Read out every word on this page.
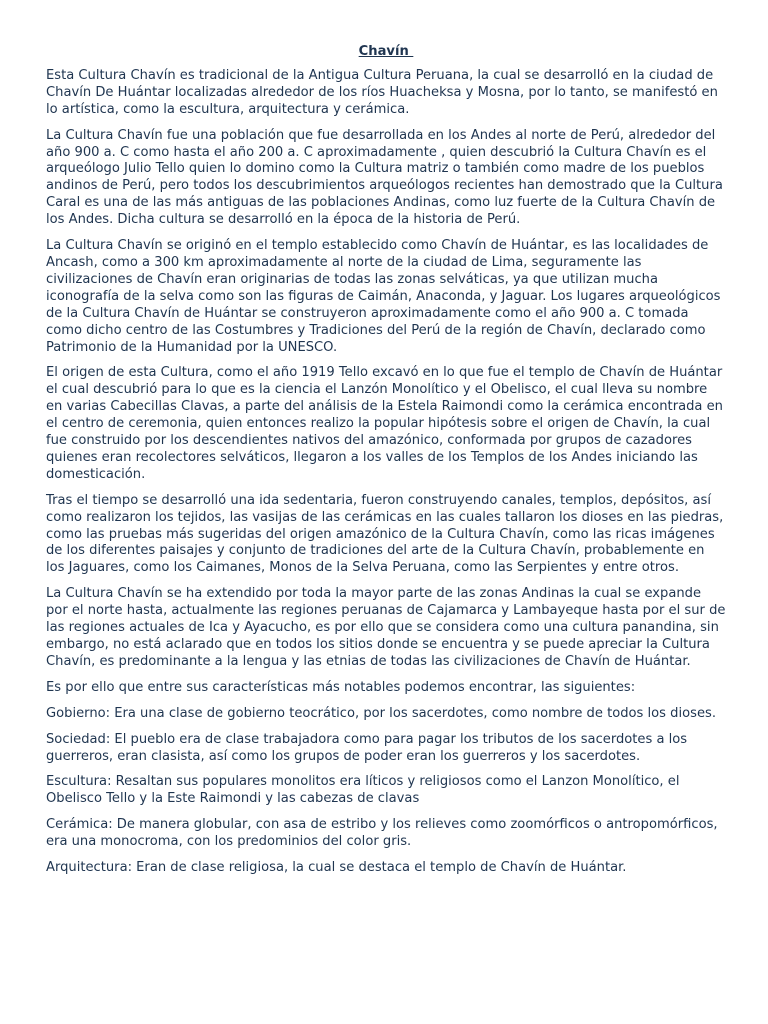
Chavín

Esta Cultura Chavín es tradicional de la Antigua Cultura Peruana, la cual se desarrolló en la ciudad de Chavín De Huántar localizadas alrededor de los ríos Huacheksa y Mosna, por lo tanto, se manifestó en lo artística, como la escultura, arquitectura y cerámica.

La Cultura Chavín fue una población que fue desarrollada en los Andes al norte de Perú, alrededor del año 900 a. C como hasta el año 200 a. C aproximadamente , quien descubrió la Cultura Chavín es el arqueólogo Julio Tello quien lo domino como la Cultura matriz o también como madre de los pueblos andinos de Perú, pero todos los descubrimientos arqueólogos recientes han demostrado que la Cultura Caral es una de las más antiguas de las poblaciones Andinas, como luz fuerte de la Cultura Chavín de los Andes. Dicha cultura se desarrolló en la época de la historia de Perú.

La Cultura Chavín se originó en el templo establecido como Chavín de Huántar, es las localidades de Ancash, como a 300 km aproximadamente al norte de la ciudad de Lima, seguramente las civilizaciones de Chavín eran originarias de todas las zonas selváticas, ya que utilizan mucha iconografía de la selva como son las figuras de Caimán, Anaconda, y Jaguar. Los lugares arqueológicos de la Cultura Chavín de Huántar se construyeron aproximadamente como el año 900 a. C tomada como dicho centro de las Costumbres y Tradiciones del Perú de la región de Chavín, declarado como Patrimonio de la Humanidad por la UNESCO.

El origen de esta Cultura, como el año 1919 Tello excavó en lo que fue el templo de Chavín de Huántar el cual descubrió para lo que es la ciencia el Lanzón Monolítico y el Obelisco, el cual lleva su nombre en varias Cabecillas Clavas, a parte del análisis de la Estela Raimondi como la cerámica encontrada en el centro de ceremonia, quien entonces realizo la popular hipótesis sobre el origen de Chavín, la cual fue construido por los descendientes nativos del amazónico, conformada por grupos de cazadores quienes eran recolectores selváticos, llegaron a los valles de los Templos de los Andes iniciando las domesticación.

Tras el tiempo se desarrolló una ida sedentaria, fueron construyendo canales, templos, depósitos, así como realizaron los tejidos, las vasijas de las cerámicas en las cuales tallaron los dioses en las piedras, como las pruebas más sugeridas del origen amazónico de la Cultura Chavín, como las ricas imágenes de los diferentes paisajes y conjunto de tradiciones del arte de la Cultura Chavín, probablemente en los Jaguares, como los Caimanes, Monos de la Selva Peruana, como las Serpientes y entre otros.

La Cultura Chavín se ha extendido por toda la mayor parte de las zonas Andinas la cual se expande por el norte hasta, actualmente las regiones peruanas de Cajamarca y Lambayeque hasta por el sur de las regiones actuales de Ica y Ayacucho, es por ello que se considera como una cultura panandina, sin embargo, no está aclarado que en todos los sitios donde se encuentra y se puede apreciar la Cultura Chavín, es predominante a la lengua y las etnias de todas las civilizaciones de Chavín de Huántar.

Es por ello que entre sus características más notables podemos encontrar, las siguientes:

Gobierno: Era una clase de gobierno teocrático, por los sacerdotes, como nombre de todos los dioses.

Sociedad: El pueblo era de clase trabajadora como para pagar los tributos de los sacerdotes a los guerreros, eran clasista, así como los grupos de poder eran los guerreros y los sacerdotes.

Escultura: Resaltan sus populares monolitos era líticos y religiosos como el Lanzon Monolítico, el Obelisco Tello y la Este Raimondi y las cabezas de clavas

Cerámica: De manera globular, con asa de estribo y los relieves como zoomórficos o antropomórficos, era una monocroma, con los predominios del color gris.

Arquitectura: Eran de clase religiosa, la cual se destaca el templo de Chavín de Huántar.
